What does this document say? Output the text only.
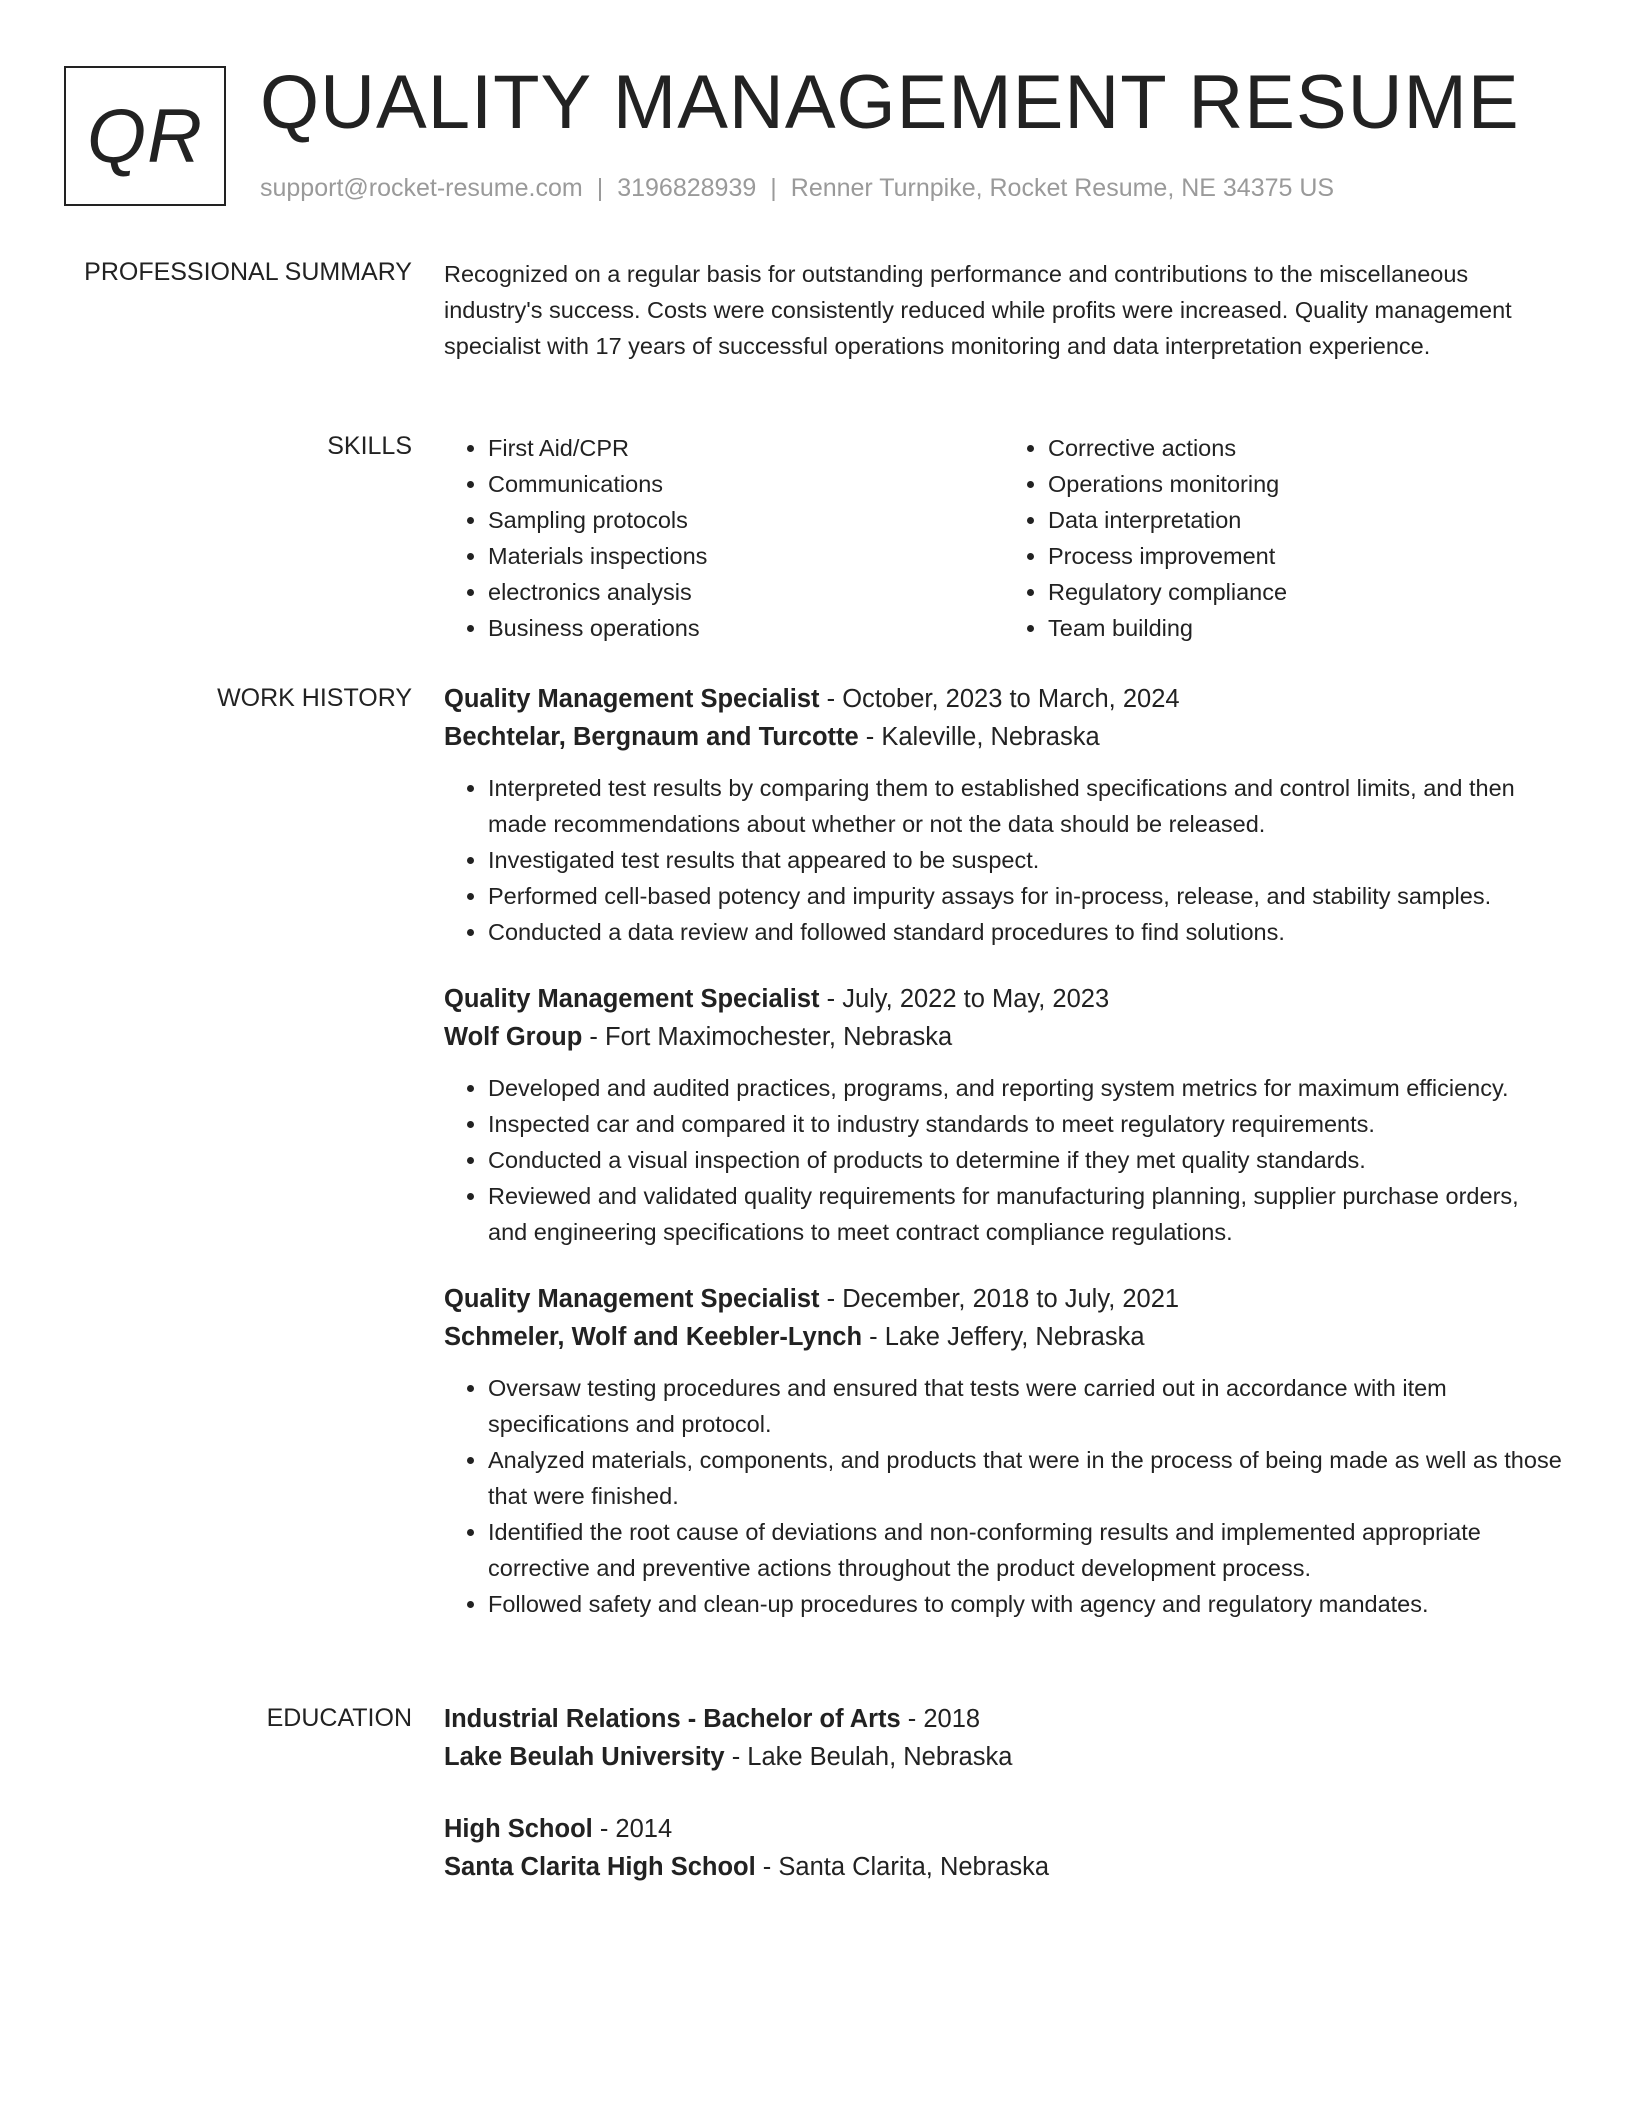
QR QUALITY MANAGEMENT RESUME
support@rocket-resume.com | 3196828939 | Renner Turnpike, Rocket Resume, NE 34375 US
PROFESSIONAL SUMMARY Recognized on a regular basis for outstanding performance and contributions to the miscellaneous industry's success. Costs were consistently reduced while profits were increased. Quality management specialist with 17 years of successful operations monitoring and data interpretation experience.

SKILLS
•	First Aid/CPR
• Communications
• Sampling protocols
• Materials inspections
• electronics analysis
• Business operations
• Corrective actions
• Operations monitoring
• Data interpretation
• Process improvement
• Regulatory compliance
• Team building
WORK HISTORY Quality Management Specialist - October, 2023 to March, 2024
Bechtelar, Bergnaum and Turcotte - Kaleville, Nebraska
• Interpreted test results by comparing them to established specifications and control limits, and then made recommendations about whether or not the data should be released.
• Investigated test results that appeared to be suspect.
• Performed cell-based potency and impurity assays for in-process, release, and stability samples.
• Conducted a data review and followed standard procedures to find solutions.
Quality Management Specialist - July, 2022 to May, 2023
Wolf Group - Fort Maximochester, Nebraska
• Developed and audited practices, programs, and reporting system metrics for maximum efficiency.
• Inspected car and compared it to industry standards to meet regulatory requirements.
• Conducted a visual inspection of products to determine if they met quality standards.
• Reviewed and validated quality requirements for manufacturing planning, supplier purchase orders, and engineering specifications to meet contract compliance regulations.
Quality Management Specialist - December, 2018 to July, 2021
Schmeler, Wolf and Keebler-Lynch - Lake Jeffery, Nebraska
• Oversaw testing procedures and ensured that tests were carried out in accordance with item specifications and protocol.
• Analyzed materials, components, and products that were in the process of being made as well as those that were finished.
• Identified the root cause of deviations and non-conforming results and implemented appropriate corrective and preventive actions throughout the product development process.
• Followed safety and clean-up procedures to comply with agency and regulatory mandates.
EDUCATION Industrial Relations - Bachelor of Arts - 2018
Lake Beulah University - Lake Beulah, Nebraska
High School - 2014
Santa Clarita High School - Santa Clarita, Nebraska
